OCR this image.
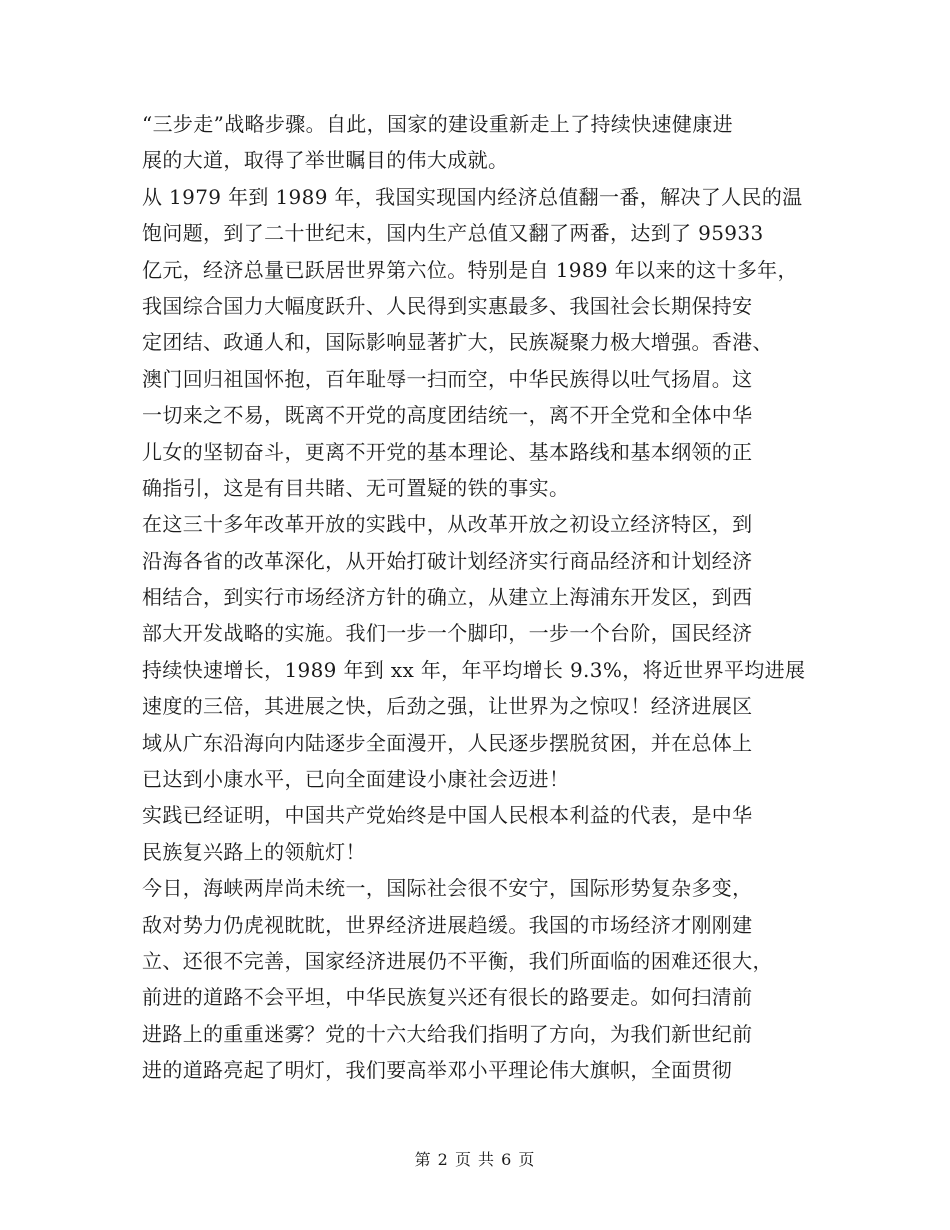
“三步走”战略步骤。自此，国家的建设重新走上了持续快速健康进
展的大道，取得了举世瞩目的伟大成就。
从 1979 年到 1989 年，我国实现国内经济总值翻一番，解决了人民的温
饱问题，到了二十世纪末，国内生产总值又翻了两番，达到了 95933
亿元，经济总量已跃居世界第六位。特别是自 1989 年以来的这十多年，
我国综合国力大幅度跃升、人民得到实惠最多、我国社会长期保持安
定团结、政通人和，国际影响显著扩大，民族凝聚力极大增强。香港、
澳门回归祖国怀抱，百年耻辱一扫而空，中华民族得以吐气扬眉。这
一切来之不易，既离不开党的高度团结统一，离不开全党和全体中华
儿女的坚韧奋斗，更离不开党的基本理论、基本路线和基本纲领的正
确指引，这是有目共睹、无可置疑的铁的事实。
在这三十多年改革开放的实践中，从改革开放之初设立经济特区，到
沿海各省的改革深化，从开始打破计划经济实行商品经济和计划经济
相结合，到实行市场经济方针的确立，从建立上海浦东开发区，到西
部大开发战略的实施。我们一步一个脚印，一步一个台阶，国民经济
持续快速增长，1989 年到 xx 年，年平均增长 9.3%，将近世界平均进展
速度的三倍，其进展之快，后劲之强，让世界为之惊叹！经济进展区
域从广东沿海向内陆逐步全面漫开，人民逐步摆脱贫困，并在总体上
已达到小康水平，已向全面建设小康社会迈进！
实践已经证明，中国共产党始终是中国人民根本利益的代表，是中华
民族复兴路上的领航灯！
今日，海峡两岸尚未统一，国际社会很不安宁，国际形势复杂多变，
敌对势力仍虎视眈眈，世界经济进展趋缓。我国的市场经济才刚刚建
立、还很不完善，国家经济进展仍不平衡，我们所面临的困难还很大，
前进的道路不会平坦，中华民族复兴还有很长的路要走。如何扫清前
进路上的重重迷雾？党的十六大给我们指明了方向，为我们新世纪前
进的道路亮起了明灯，我们要高举邓小平理论伟大旗帜，全面贯彻
第 2 页 共 6 页
